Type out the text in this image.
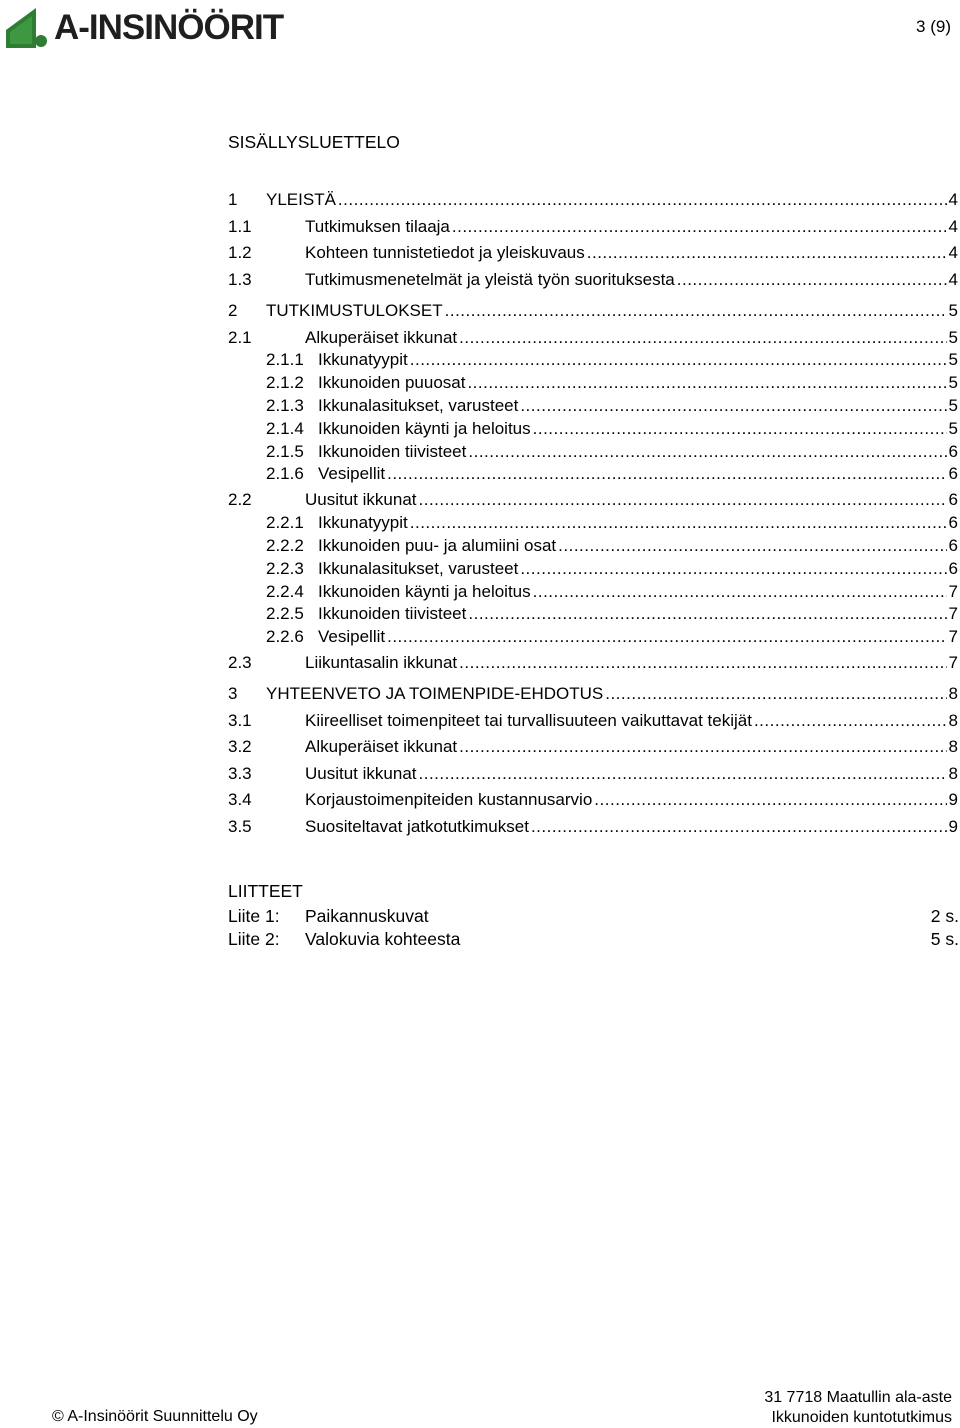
A-INSINÖÖRIT	3 (9)
SISÄLLYSLUETTELO
1	YLEISTÄ .....	4
1.1	Tutkimuksen tilaaja .....	4
1.2	Kohteen tunnistetiedot ja yleiskuvaus .....	4
1.3	Tutkimusmenetelmät ja yleistä työn suorituksesta .....	4
2	TUTKIMUSTULOKSET .....	5
2.1	Alkuperäiset ikkunat .....	5
2.1.1 Ikkunatyypit .....	5
2.1.2 Ikkunoiden puuosat .....	5
2.1.3 Ikkunalasitukset, varusteet .....	5
2.1.4 Ikkunoiden käynti ja heloitus .....	5
2.1.5 Ikkunoiden tiivisteet .....	6
2.1.6 Vesipellit .....	6
2.2	Uusitut ikkunat .....	6
2.2.1 Ikkunatyypit .....	6
2.2.2 Ikkunoiden puu- ja alumiini osat .....	6
2.2.3 Ikkunalasitukset, varusteet .....	6
2.2.4 Ikkunoiden käynti ja heloitus .....	7
2.2.5 Ikkunoiden tiivisteet .....	7
2.2.6 Vesipellit .....	7
2.3	Liikuntasalin ikkunat .....	7
3	YHTEENVETO JA TOIMENPIDE-EHDOTUS .....	8
3.1	Kiireelliset toimenpiteet tai turvallisuuteen vaikuttavat tekijät .....	8
3.2	Alkuperäiset ikkunat .....	8
3.3	Uusitut ikkunat .....	8
3.4	Korjaustoimenpiteiden kustannusarvio .....	9
3.5	Suositeltavat jatkotutkimukset .....	9
LIITTEET
Liite 1: Paikannuskuvat	2 s.
Liite 2: Valokuvia kohteesta	5 s.
© A-Insinöörit Suunnittelu Oy
31 7718 Maatullin ala-aste
Ikkunoiden kuntotutkimus
